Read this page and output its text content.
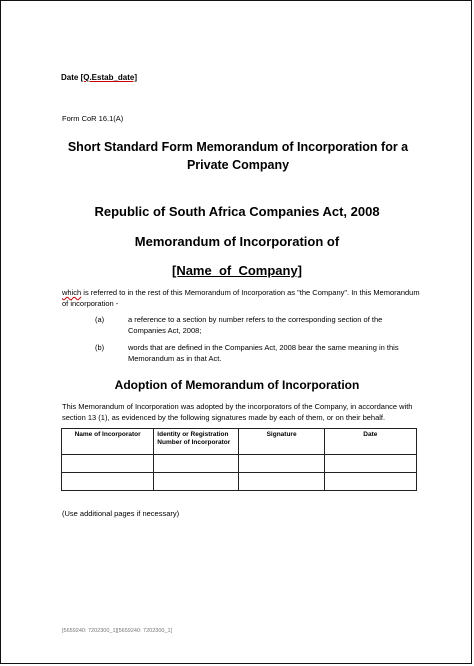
Date [Q.Estab_date]
Form CoR 16.1(A)
Short Standard Form Memorandum of Incorporation for a Private Company
Republic of South Africa Companies Act, 2008
Memorandum of Incorporation of
[Name_of_Company]
which is referred to in the rest of this Memorandum of Incorporation as "the Company". In this Memorandum of incorporation -
(a)	a reference to a section by number refers to the corresponding section of the Companies Act, 2008;
(b)	words that are defined in the Companies Act, 2008 bear the same meaning in this Memorandum as in that Act.
Adoption of Memorandum of Incorporation
This Memorandum of Incorporation was adopted by the incorporators of the Company, in accordance with section 13 (1), as evidenced by the following signatures made by each of them, or on their behalf.
Name of Incorporator	Identity or Registration Number of Incorporator	Signature	Date

(Use additional pages if necessary)
[5659240: 7202300_1][5659240: 7202300_1]
